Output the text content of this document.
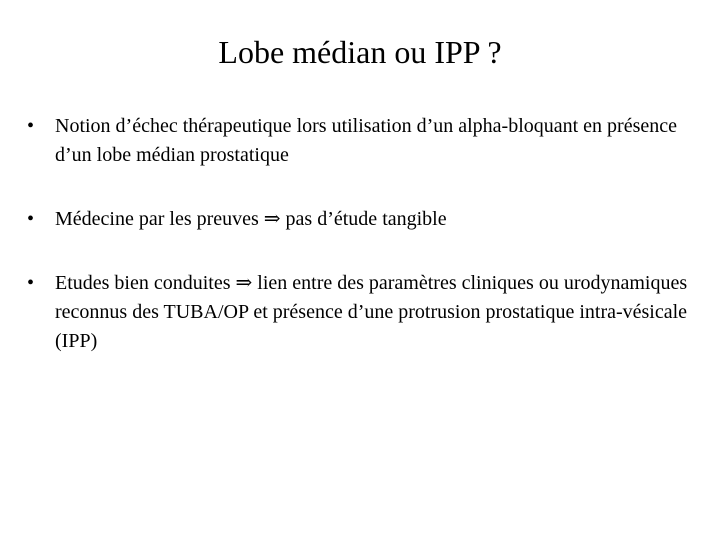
Lobe médian ou IPP ?
• Notion d’échec thérapeutique lors utilisation d’un alpha-bloquant en présence d’un lobe médian prostatique
• Médecine par les preuves ⇒ pas d’étude tangible
• Etudes bien conduites ⇒ lien entre des paramètres cliniques ou urodynamiques reconnus des TUBA/OP et présence d’une protrusion prostatique intra-vésicale (IPP)
